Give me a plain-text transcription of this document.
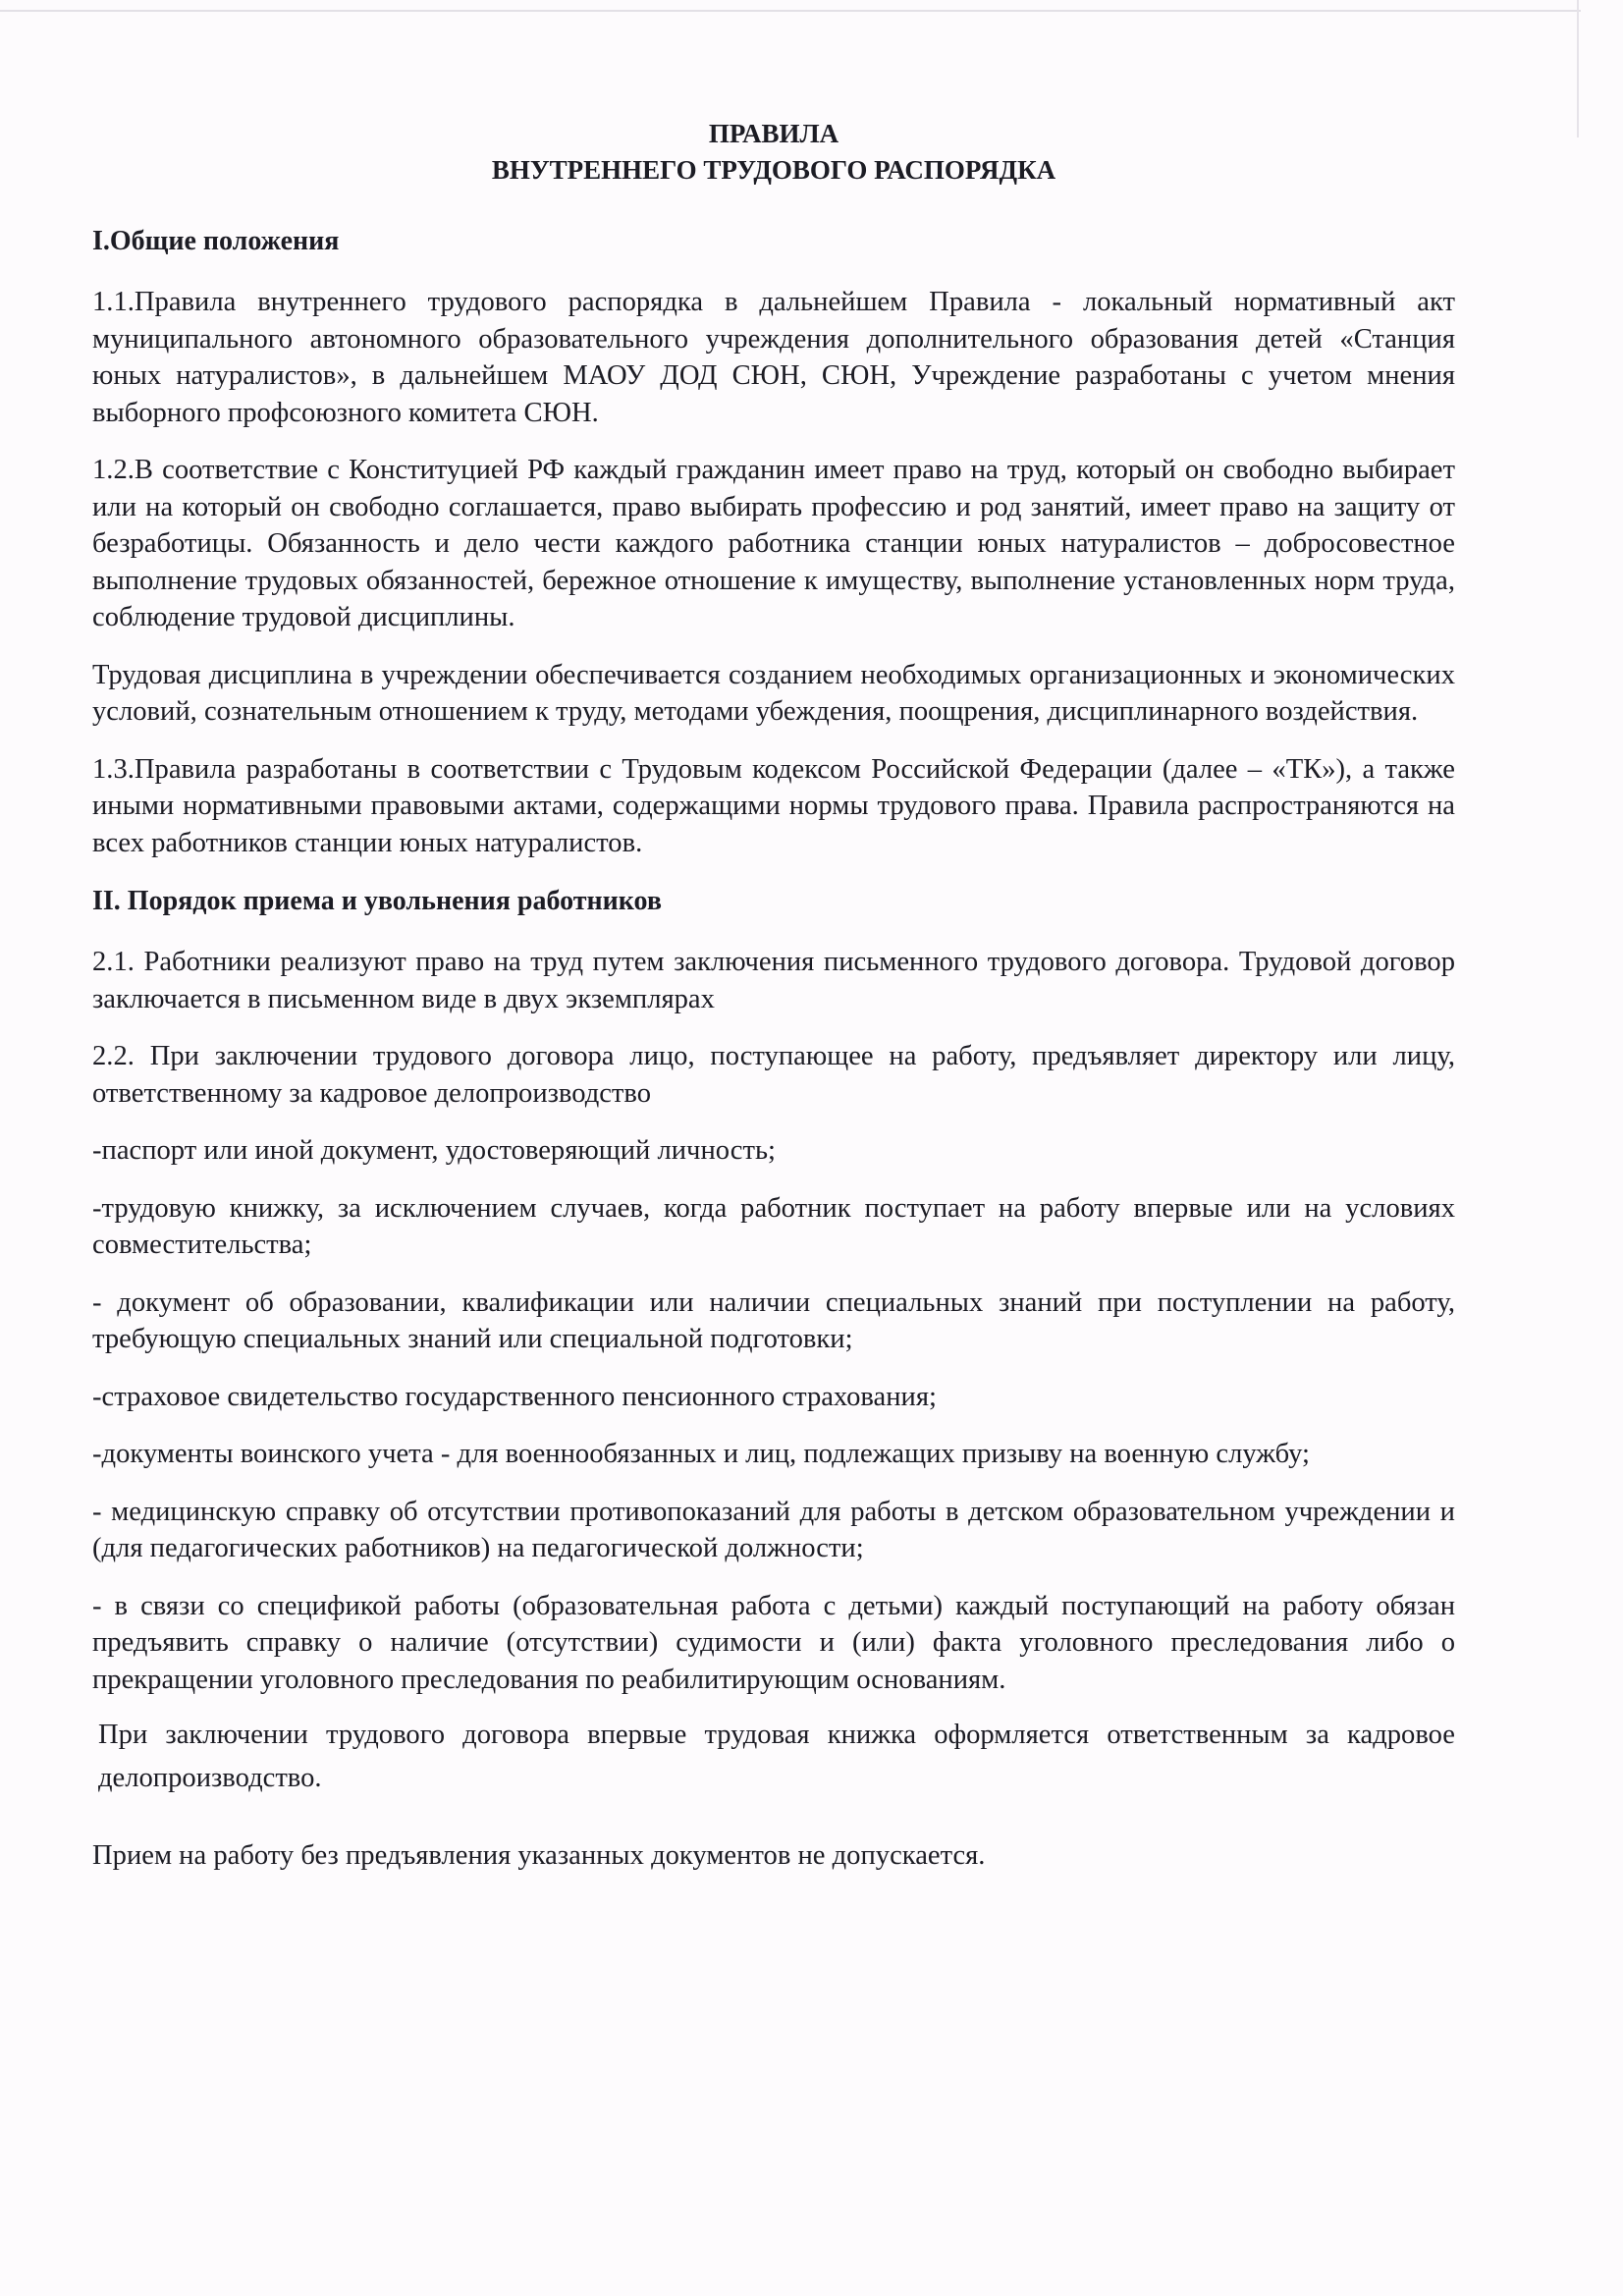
ПРАВИЛА
ВНУТРЕННЕГО ТРУДОВОГО РАСПОРЯДКА
I.Общие положения

1.1.Правила внутреннего трудового распорядка в дальнейшем Правила - локальный нормативный акт муниципального автономного образовательного учреждения дополнительного образования детей «Станция юных натуралистов», в дальнейшем МАОУ ДОД СЮН, СЮН, Учреждение разработаны с учетом мнения выборного профсоюзного комитета СЮН.

1.2.В соответствие с Конституцией РФ каждый гражданин имеет право на труд, который он свободно выбирает или на который он свободно соглашается, право выбирать профессию и род занятий, имеет право на защиту от безработицы. Обязанность и дело чести каждого работника станции юных натуралистов – добросовестное выполнение трудовых обязанностей, бережное отношение к имуществу, выполнение установленных норм труда, соблюдение трудовой дисциплины.

Трудовая дисциплина в учреждении обеспечивается созданием необходимых организационных и экономических условий, сознательным отношением к труду, методами убеждения, поощрения, дисциплинарного воздействия.

1.3.Правила разработаны в соответствии с Трудовым кодексом Российской Федерации (далее – «ТК»), а также иными нормативными правовыми актами, содержащими нормы трудового права. Правила распространяются на всех работников станции юных натуралистов.

II. Порядок приема и увольнения работников

2.1. Работники реализуют право на труд путем заключения письменного трудового договора. Трудовой договор заключается в письменном виде в двух экземплярах

2.2. При заключении трудового договора лицо, поступающее на работу, предъявляет директору или лицу, ответственному за кадровое делопроизводство

-паспорт или иной документ, удостоверяющий личность;

-трудовую книжку, за исключением случаев, когда работник поступает на работу впервые или на условиях совместительства;

- документ об образовании, квалификации или наличии специальных знаний при поступлении на работу, требующую специальных знаний или специальной подготовки;

-страховое свидетельство государственного пенсионного страхования;

-документы воинского учета - для военнообязанных и лиц, подлежащих призыву на военную службу;

- медицинскую справку об отсутствии противопоказаний для работы в детском образовательном учреждении и (для педагогических работников) на педагогической должности;

- в связи со спецификой работы (образовательная работа с детьми) каждый поступающий на работу обязан предъявить справку о наличие (отсутствии) судимости и (или) факта уголовного преследования либо о прекращении уголовного преследования по реабилитирующим основаниям.

При заключении трудового договора впервые трудовая книжка оформляется ответственным за кадровое делопроизводство.

Прием на работу без предъявления указанных документов не допускается.
